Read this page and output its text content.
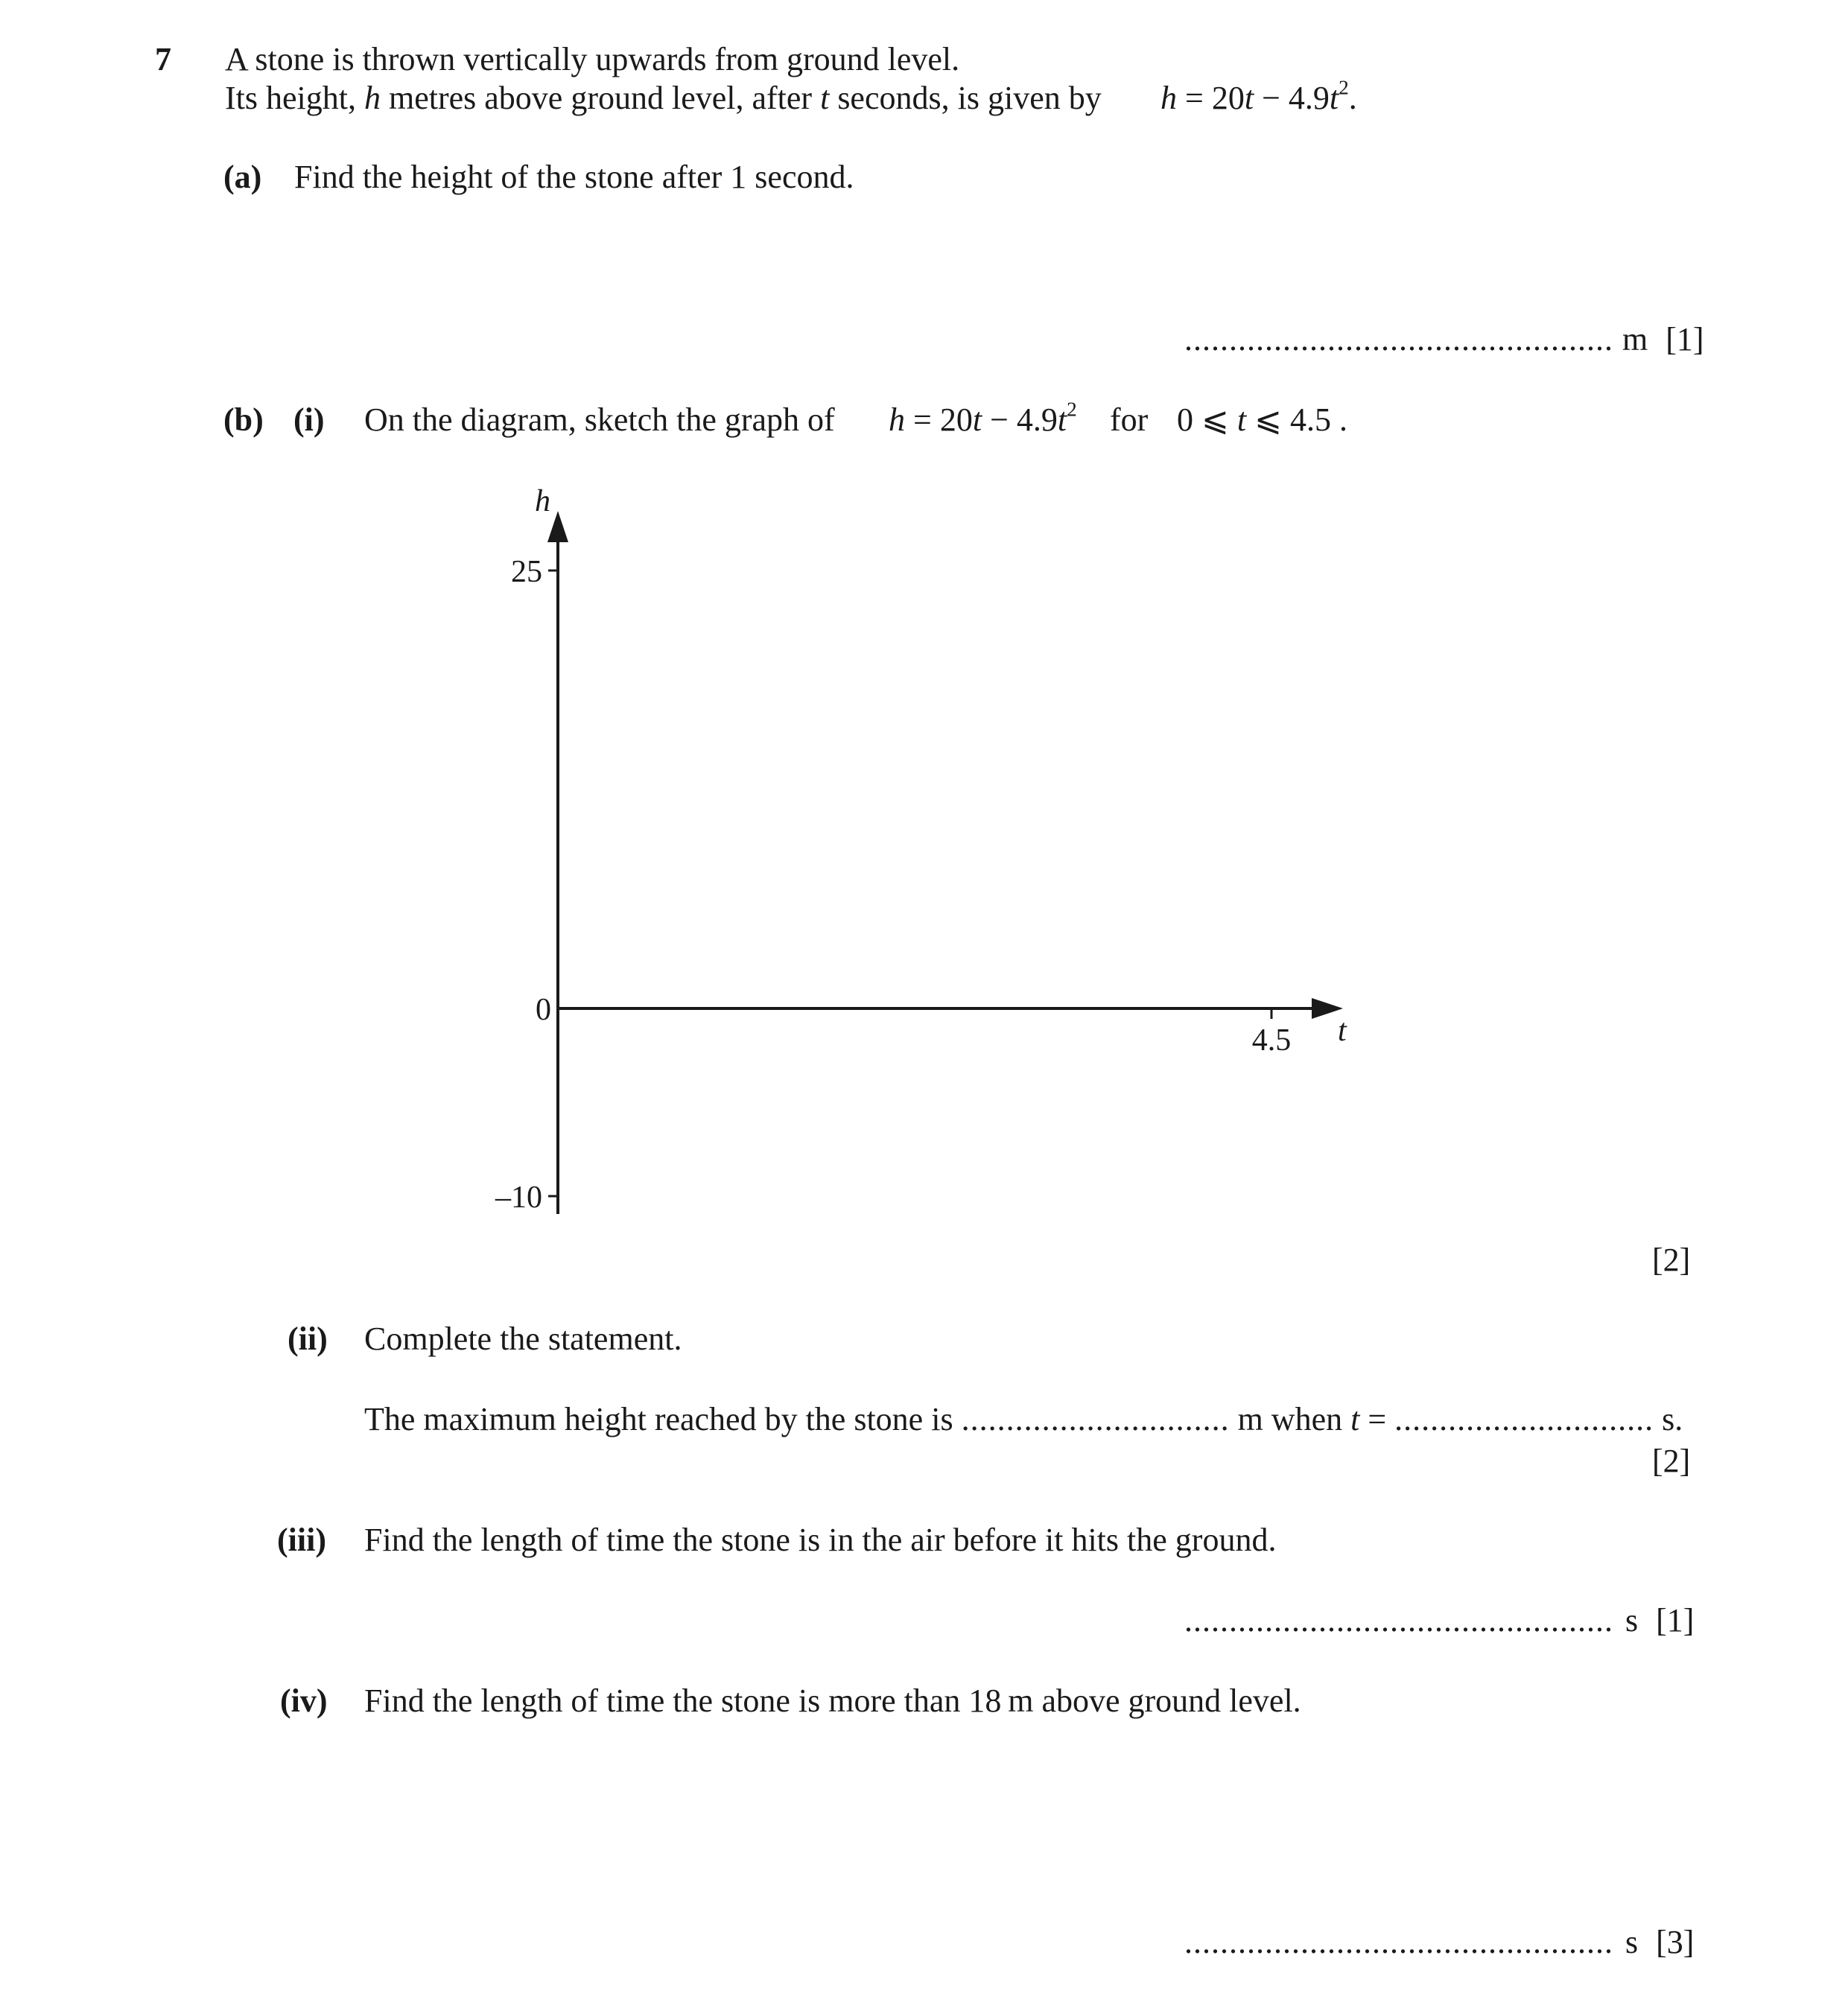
7 A stone is thrown vertically upwards from ground level.
Its height, h metres above ground level, after t seconds, is given by $h = 20t - 4.9t^2$.
(a) Find the height of the stone after 1 second.
................................................ m [1]
(b) (i) On the diagram, sketch the graph of $h = 20t - 4.9t^2$ for 0 ⩽ t ⩽ 4.5 .
h
25
0
–10
4.5 t
[2]
(ii) Complete the statement.
The maximum height reached by the stone is .............................. m when t = ............................. s.
[2]
(iii) Find the length of time the stone is in the air before it hits the ground.
................................................ s [1]
(iv) Find the length of time the stone is more than 18 m above ground level.
................................................ s [3]
